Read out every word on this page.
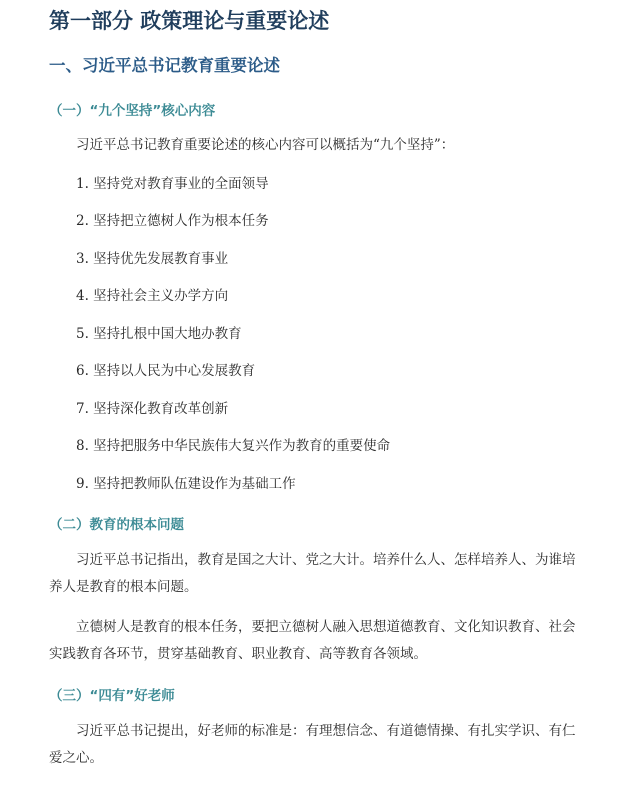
第一部分 政策理论与重要论述
一、习近平总书记教育重要论述
（一）“九个坚持”核心内容

习近平总书记教育重要论述的核心内容可以概括为“九个坚持”：

1. 坚持党对教育事业的全面领导
2. 坚持把立德树人作为根本任务
3. 坚持优先发展教育事业
4. 坚持社会主义办学方向
5. 坚持扎根中国大地办教育
6. 坚持以人民为中心发展教育
7. 坚持深化教育改革创新
8. 坚持把服务中华民族伟大复兴作为教育的重要使命
9. 坚持把教师队伍建设作为基础工作
（二）教育的根本问题

习近平总书记指出，教育是国之大计、党之大计。培养什么人、怎样培养人、为谁培养人是教育的根本问题。

立德树人是教育的根本任务，要把立德树人融入思想道德教育、文化知识教育、社会实践教育各环节，贯穿基础教育、职业教育、高等教育各领域。

（三）“四有”好老师

习近平总书记提出，好老师的标准是：有理想信念、有道德情操、有扎实学识、有仁爱之心。
